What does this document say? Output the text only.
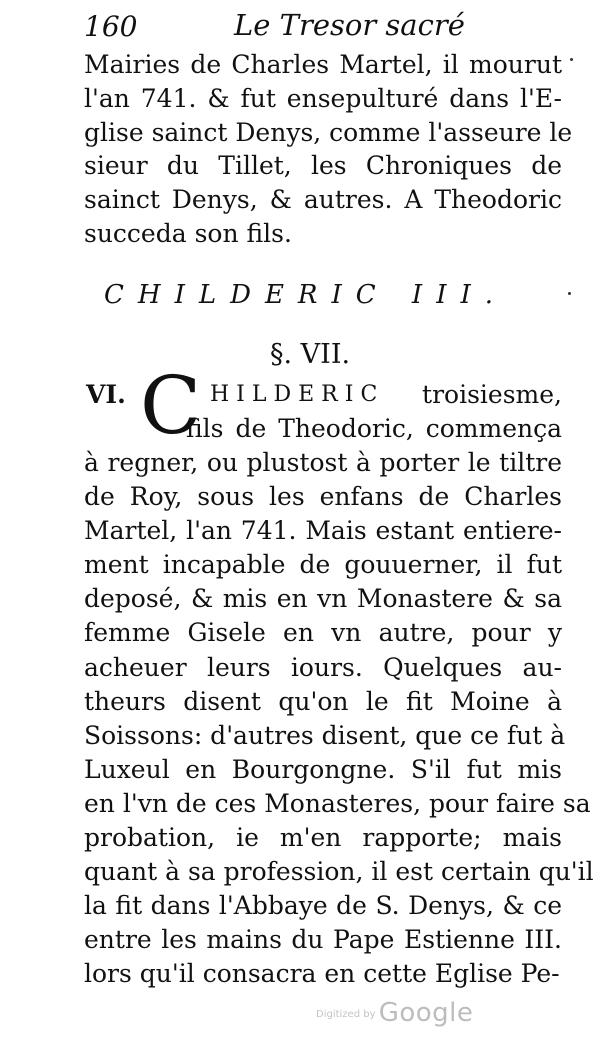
160	Le Tresor sacré
Mairies de Charles Martel, il mourut
l'an 741. & fut ensepulturé dans l'E-
glise sainct Denys, comme l'asseure le
sieur du Tillet, les Chroniques de
sainct Denys, & autres. A Theodoric
succeda son fils.
CHILDERIC III.
§. VII.
VI. C HILDERIC	troisiesme,
fils de Theodoric, commença
à regner, ou plustost à porter le tiltre
de Roy, sous les enfans de Charles
Martel, l'an 741. Mais estant entiere-
ment incapable de gouuerner, il fut
deposé, & mis en vn Monastere & sa
femme Gisele en vn autre, pour y
acheuer leurs iours. Quelques au-
theurs disent qu'on le fit Moine à
Soissons: d'autres disent, que ce fut à
Luxeul en Bourgongne. S'il fut mis
en l'vn de ces Monasteres, pour faire sa
probation, ie m'en rapporte; mais
quant à sa profession, il est certain qu'il
la fit dans l'Abbaye de S. Denys, & ce
entre les mains du Pape Estienne III.
lors qu'il consacra en cette Eglise Pe-
Digitized by Google
